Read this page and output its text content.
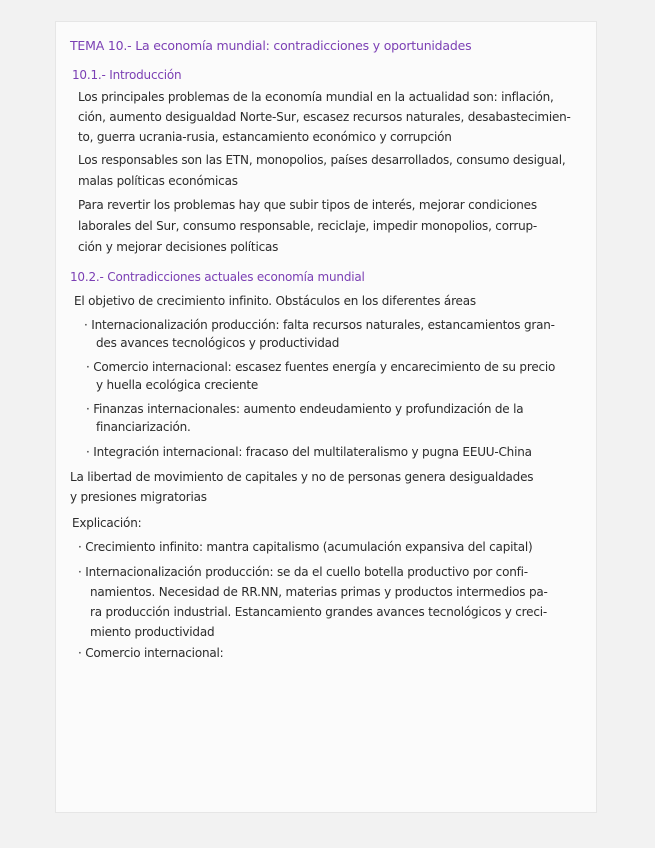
TEMA 10.- La economía mundial: contradicciones y oportunidades
10.1.- Introducción
Los principales problemas de la economía mundial en la actualidad son: inflación,
ción, aumento desigualdad Norte-Sur, escasez recursos naturales, desabastecimien-
to, guerra ucrania-rusia, estancamiento económico y corrupción
Los responsables son las ETN, monopolios, países desarrollados, consumo desigual,
malas políticas económicas
Para revertir los problemas hay que subir tipos de interés, mejorar condiciones
laborales del Sur, consumo responsable, reciclaje, impedir monopolios, corrup-
ción y mejorar decisiones políticas
10.2.- Contradicciones actuales economía mundial
El objetivo de crecimiento infinito. Obstáculos en los diferentes áreas
· Internacionalización producción: falta recursos naturales, estancamientos gran-
des avances tecnológicos y productividad
· Comercio internacional: escasez fuentes energía y encarecimiento de su precio
y huella ecológica creciente
· Finanzas internacionales: aumento endeudamiento y profundización de la
financiarización.
· Integración internacional: fracaso del multilateralismo y pugna EEUU-China
La libertad de movimiento de capitales y no de personas genera desigualdades
y presiones migratorias
Explicación:
· Crecimiento infinito: mantra capitalismo (acumulación expansiva del capital)
· Internacionalización producción: se da el cuello botella productivo por confi-
namientos. Necesidad de RR.NN, materias primas y productos intermedios pa-
ra producción industrial. Estancamiento grandes avances tecnológicos y creci-
miento productividad
· Comercio internacional:
